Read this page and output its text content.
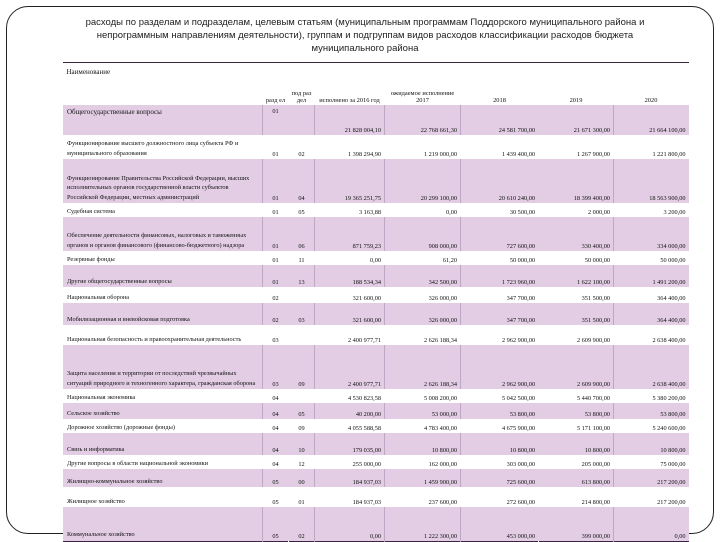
расходы по разделам и подразделам, целевым статьям (муниципальным программам Поддорского муниципального района и непрограммным направлениям деятельности), группам и подгруппам видов расходов классификации расходов бюджета муниципального района
Наименование	разд ел	под раз дел	исполнено за 2016 год	ожидаемое исполнение 2017	2018	2019	2020
Общегосударственные вопросы	01		21 828 004,10	22 768 661,30	24 581 700,00	21 671 300,00	21 664 100,00
Функционирование высшего должностного лица субъекта РФ и муниципального образования	01	02	1 398 294,90	1 219 000,00	1 439 400,00	1 267 900,00	1 221 800,00
Функционирование Правительства Российской Федерации, высших исполнительных органов государственной власти субъектов Российской Федерации, местных администраций	01	04	19 365 251,75	20 299 100,00	20 610 240,00	18 399 400,00	18 563 900,00
Судебная система	01	05	3 163,88	0,00	30 500,00	2 000,00	3 200,00
Обеспечение деятельности финансовых, налоговых и таможенных органов и органов финансового (финансово-бюджетного) надзора	01	06	871 759,23	908 000,00	727 600,00	330 400,00	334 000,00
Резервные фонды	01	11	0,00	61,20	50 000,00	50 000,00	50 000,00
Другие общегосударственные вопросы	01	13	188 534,34	342 500,00	1 723 960,00	1 622 100,00	1 491 200,00
Национальная оборона	02		321 600,00	326 000,00	347 700,00	351 500,00	364 400,00
Мобилизационная и вневойсковая подготовка	02	03	321 600,00	326 000,00	347 700,00	351 500,00	364 400,00
Национальная безопасность и правоохранительная деятельность	03		2 400 977,71	2 626 188,34	2 962 900,00	2 609 900,00	2 638 400,00
Защита населения и территории от последствий чрезвычайных ситуаций природного и техногенного характера, гражданская оборона	03	09	2 400 977,71	2 626 188,34	2 962 900,00	2 609 900,00	2 638 400,00
Национальная экономика	04		4 530 823,58	5 008 200,00	5 042 500,00	5 440 700,00	5 380 200,00
Сельское хозяйство	04	05	40 200,00	53 000,00	53 800,00	53 800,00	53 800,00
Дорожное хозяйство (дорожные фонды)	04	09	4 055 588,58	4 783 400,00	4 675 900,00	5 171 100,00	5 240 600,00
Связь и информатика	04	10	179 035,00	10 800,00	10 800,00	10 800,00	10 800,00
Другие вопросы в области национальной экономики	04	12	255 000,00	162 000,00	303 000,00	205 000,00	75 000,00
Жилищно-коммунальное хозяйство	05	00	184 937,03	1 459 900,00	725 600,00	613 800,00	217 200,00
Жилищное хозяйство	05	01	184 937,03	237 600,00	272 600,00	214 800,00	217 200,00
Коммунальное хозяйство	05	02	0,00	1 222 300,00	453 000,00	399 000,00	0,00
